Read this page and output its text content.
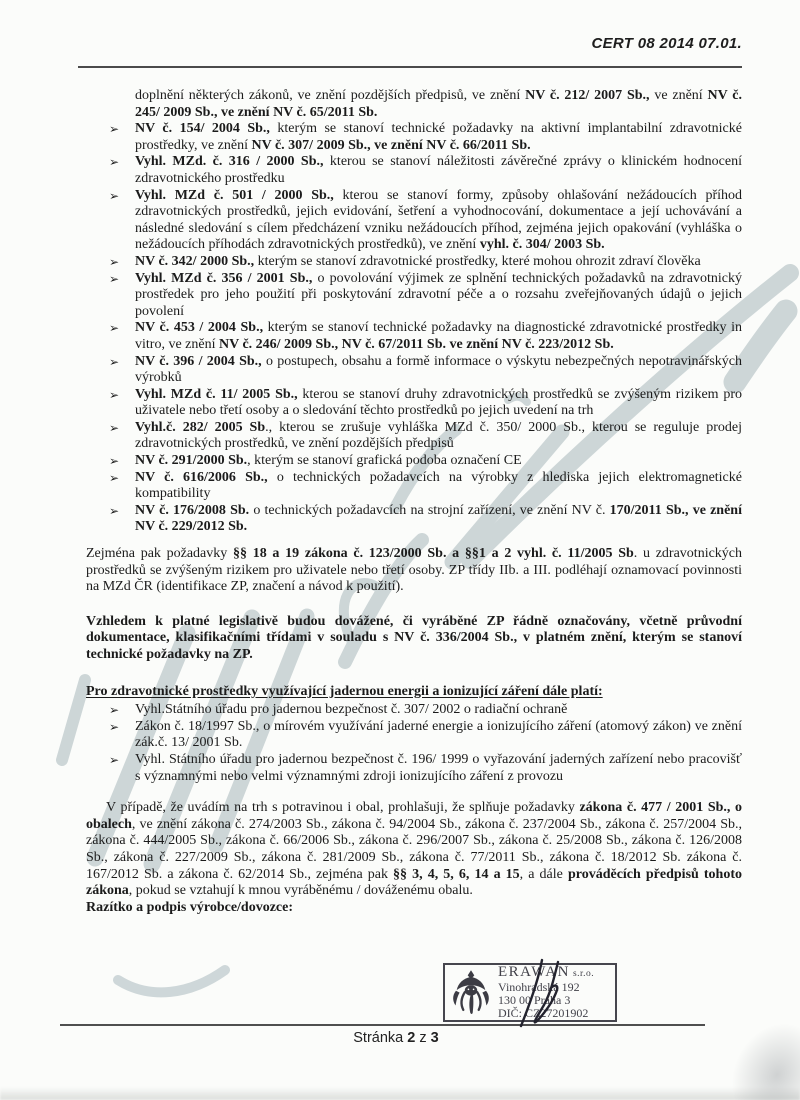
CERT 08 2014 07.01.
doplnění některých zákonů, ve znění pozdějších předpisů, ve znění NV č. 212/ 2007 Sb., ve znění NV č. 245/ 2009 Sb., ve znění NV č. 65/2011 Sb.
➢ NV č. 154/ 2004 Sb., kterým se stanoví technické požadavky na aktivní implantabilní zdravotnické prostředky, ve znění NV č. 307/ 2009 Sb., ve znění NV č. 66/2011 Sb.
➢ Vyhl. MZd. č. 316 / 2000 Sb., kterou se stanoví náležitosti závěrečné zprávy o klinickém hodnocení zdravotnického prostředku
➢ Vyhl. MZd č. 501 / 2000 Sb., kterou se stanoví formy, způsoby ohlašování nežádoucích příhod zdravotnických prostředků, jejich evidování, šetření a vyhodnocování, dokumentace a její uchovávání a následné sledování s cílem předcházení vzniku nežádoucích příhod, zejména jejich opakování (vyhláška o nežádoucích příhodách zdravotnických prostředků), ve znění vyhl. č. 304/ 2003 Sb.
➢ NV č. 342/ 2000 Sb., kterým se stanoví zdravotnické prostředky, které mohou ohrozit zdraví člověka
➢ Vyhl. MZd č. 356 / 2001 Sb., o povolování výjimek ze splnění technických požadavků na zdravotnický prostředek pro jeho použití při poskytování zdravotní péče a o rozsahu zveřejňovaných údajů o jejich povolení
➢ NV č. 453 / 2004 Sb., kterým se stanoví technické požadavky na diagnostické zdravotnické prostředky in vitro, ve znění NV č. 246/ 2009 Sb., NV č. 67/2011 Sb. ve znění NV č. 223/2012 Sb.
➢ NV č. 396 / 2004 Sb., o postupech, obsahu a formě informace o výskytu nebezpečných nepotravinářských výrobků
➢ Vyhl. MZd č. 11/ 2005 Sb., kterou se stanoví druhy zdravotnických prostředků se zvýšeným rizikem pro uživatele nebo třetí osoby a o sledování těchto prostředků po jejich uvedení na trh
➢ Vyhl.č. 282/ 2005 Sb., kterou se zrušuje vyhláška MZd č. 350/ 2000 Sb., kterou se reguluje prodej zdravotnických prostředků, ve znění pozdějších předpisů
➢ NV č. 291/2000 Sb., kterým se stanoví grafická podoba označení CE
➢ NV č. 616/2006 Sb., o technických požadavcích na výrobky z hlediska jejich elektromagnetické kompatibility
➢ NV č. 176/2008 Sb. o technických požadavcích na strojní zařízení, ve znění NV č. 170/2011 Sb., ve znění NV č. 229/2012 Sb.
Zejména pak požadavky §§ 18 a 19 zákona č. 123/2000 Sb. a §§1 a 2 vyhl. č. 11/2005 Sb. u zdravotnických prostředků se zvýšeným rizikem pro uživatele nebo třetí osoby. ZP třídy IIb. a III. podléhají oznamovací povinnosti na MZd ČR (identifikace ZP, značení a návod k použití).
Vzhledem k platné legislativě budou dovážené, či vyráběné ZP řádně označovány, včetně průvodní dokumentace, klasifikačními třídami v souladu s NV č. 336/2004 Sb., v platném znění, kterým se stanoví technické požadavky na ZP.
Pro zdravotnické prostředky využívající jadernou energii a ionizující záření dále platí:
➢ Vyhl.Státního úřadu pro jadernou bezpečnost č. 307/ 2002 o radiační ochraně
➢ Zákon č. 18/1997 Sb., o mírovém využívání jaderné energie a ionizujícího záření (atomový zákon) ve znění zák.č. 13/ 2001 Sb.
➢ Vyhl. Státního úřadu pro jadernou bezpečnost č. 196/ 1999 o vyřazování jaderných zařízení nebo pracovišť s významnými nebo velmi významnými zdroji ionizujícího záření z provozu
V případě, že uvádím na trh s potravinou i obal, prohlašuji, že splňuje požadavky zákona č. 477 / 2001 Sb., o obalech, ve znění zákona č. 274/2003 Sb., zákona č. 94/2004 Sb., zákona č. 237/2004 Sb., zákona č. 257/2004 Sb., zákona č. 444/2005 Sb., zákona č. 66/2006 Sb., zákona č. 296/2007 Sb., zákona č. 25/2008 Sb., zákona č. 126/2008 Sb., zákona č. 227/2009 Sb., zákona č. 281/2009 Sb., zákona č. 77/2011 Sb., zákona č. 18/2012 Sb. zákona č. 167/2012 Sb. a zákona č. 62/2014 Sb., zejména pak §§ 3, 4, 5, 6, 14 a 15, a dále prováděcích předpisů tohoto zákona, pokud se vztahují k mnou vyráběnému / dováženému obalu.
Razítko a podpis výrobce/dovozce:
ERAWAN s.r.o.
Vinohradská 192
130 00 Praha 3
DIČ: CZ27201902
Stránka 2 z 3
